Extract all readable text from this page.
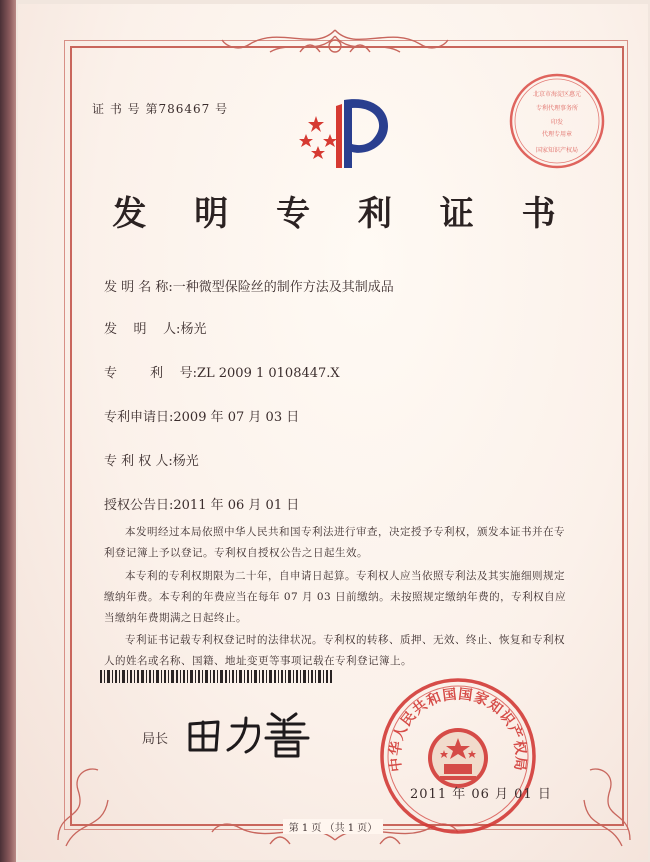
证 书 号 第786467 号
北京市海淀区惠元
专利代理事务所
印发
代理专用章
国家知识产权局
发 明 专 利 证 书
发 明 名 称:一种微型保险丝的制作方法及其制成品
发    明    人:杨光
专        利    号:ZL 2009 1 0108447.X
专利申请日:2009 年 07 月 03 日
专 利 权 人:杨光
授权公告日:2011 年 06 月 01 日
本发明经过本局依照中华人民共和国专利法进行审查，决定授予专利权，颁发本证书并在专利登记簿上予以登记。专利权自授权公告之日起生效。
本专利的专利权期限为二十年，自申请日起算。专利权人应当依照专利法及其实施细则规定缴纳年费。本专利的年费应当在每年 07 月 03 日前缴纳。未按照规定缴纳年费的，专利权自应当缴纳年费期满之日起终止。
专利证书记载专利权登记时的法律状况。专利权的转移、质押、无效、终止、恢复和专利权人的姓名或名称、国籍、地址变更等事项记载在专利登记簿上。
局长
中华人民共和国国家知识产权局
2011 年 06 月 01 日
第 1 页 （共 1 页）
